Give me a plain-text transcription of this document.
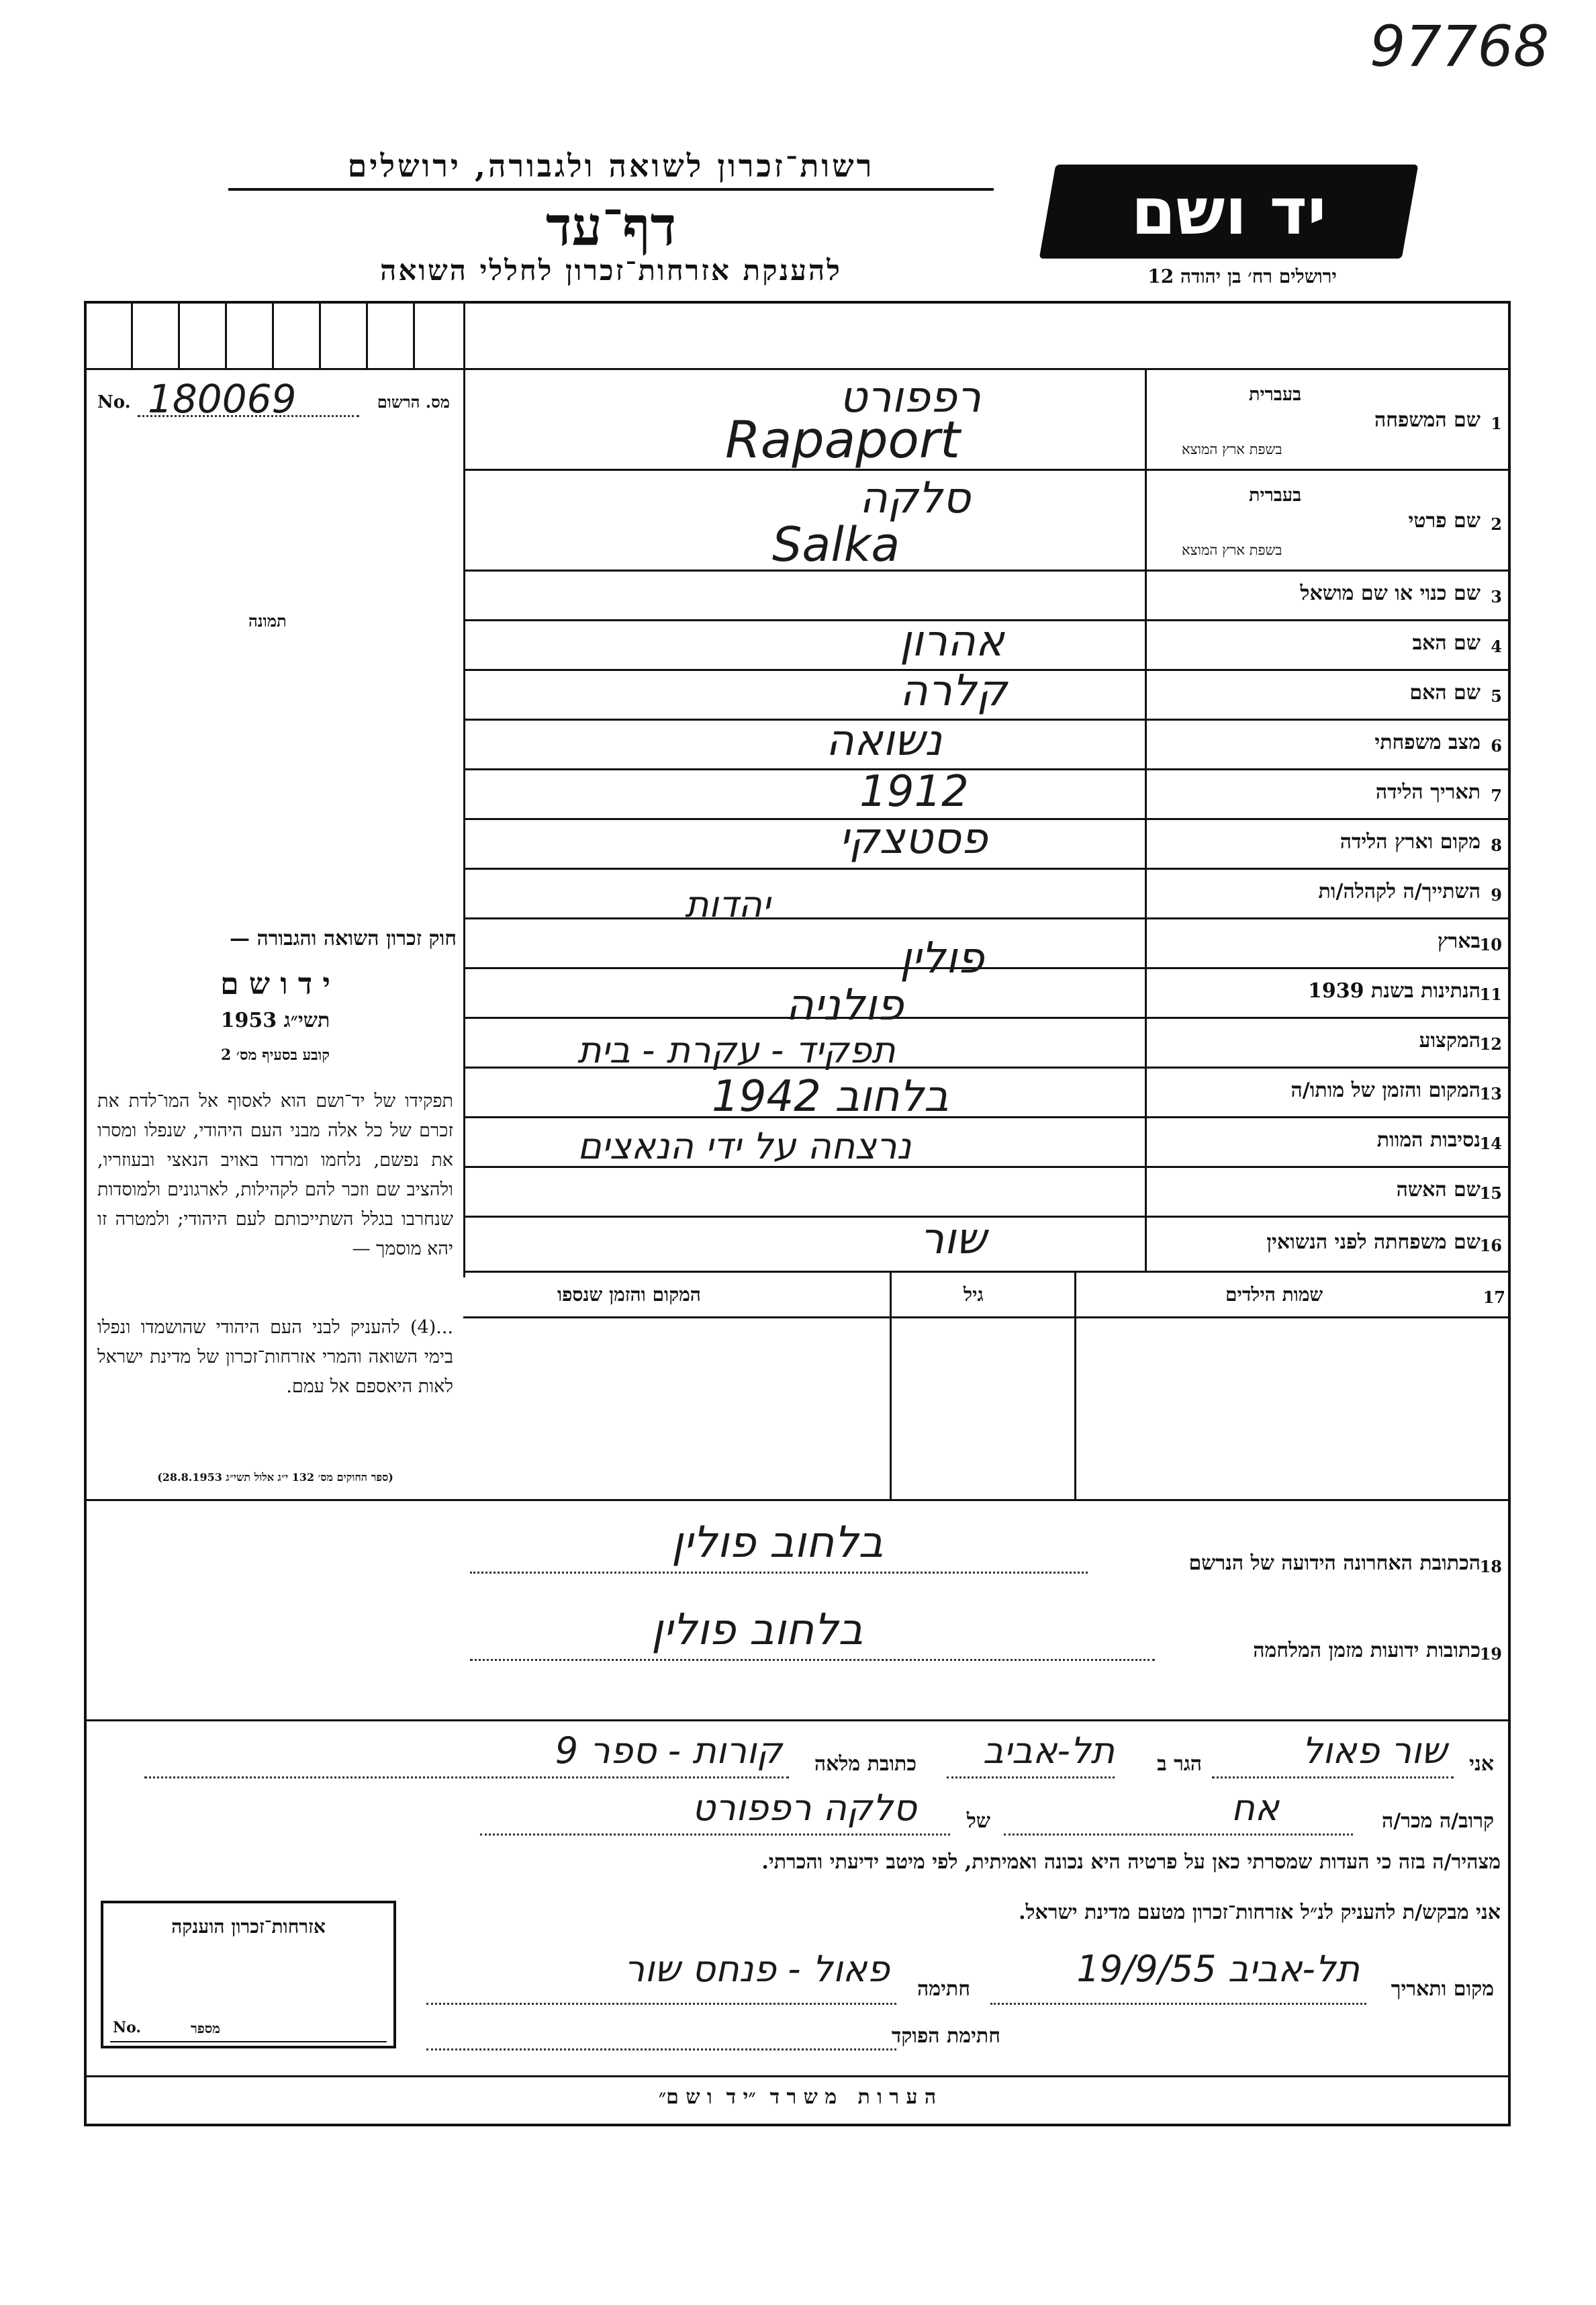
97768
רשות־זכרון לשואה ולגבורה, ירושלים
דף־עד
להענקת אזרחות־זכרון לחללי השואה
יד ושם
ירושלים רח׳ בן יהודה 12
No. 180069	מס. הרשום
תמונה
חוק זכרון השואה והגבורה —
י ד ו ש ם
תשי״ג 1953
קובע בסעיף מס׳ 2
תפקידו של יד־ושם הוא לאסוף אל המו־לדת את זכרם של כל אלה מבני העם היהודי, שנפלו ומסרו את נפשם, נלחמו ומרדו באויב הנאצי ובעוזריו, ולהציב שם וזכר להם לקהילות, לארגונים ולמוסדות שנחרבו בגלל השתייכותם לעם היהודי; ולמטרה זו יהא מוסמך —
...(4) להעניק לבני העם היהודי שהושמדו ונפלו בימי השואה והמרי אזרחות־זכרון של מדינת ישראל לאות היאספם אל עמם.
(ספר החוקים מס׳ 132 י״ג אלול תשי״ג 28.8.1953)
1
שם המשפחה
בעברית
בשפת ארץ המוצא
רפפורט
Rapaport
2
שם פרטי
בעברית
בשפת ארץ המוצא
סלקה
Salka
3
שם כנוי או שם מושאל
4
שם האב
אהרון
5
שם האם
קלרה
6
מצב משפחתי
נשואה
7
תאריך הלידה
1912
8
מקום וארץ הלידה
פסטצקי
9
השתייך/ה לקהלה/ות
יהדות
10
בארץ
פולין
11
הנתינות בשנת 1939
פולניה
12
המקצוע
תפקיד - עקרת - בית
13
המקום והזמן של מותו/ה
בלחוב 1942
14
נסיבות המוות
נרצחה על ידי הנאצים
15
שם האשה
16
שם משפחתה לפני הנשואין
שור
17
שמות הילדים
גיל
המקום והזמן שנספו
18
הכתובת האחרונה הידועה של הנרשם
בלחוב פולין
19
כתובות ידועות מזמן המלחמה
בלחוב פולין
אני
שור פאול
הגר ב
תל-אביב
כתובת מלאה
קורות - ספר 9
קרוב/ה מכר/ה
אח
של
סלקה רפפורט
מצהיר/ה בזה כי העדות שמסרתי כאן על פרטיה היא נכונה ואמיתית, לפי מיטב ידיעתי והכרתי.
אני מבקש/ת להעניק לנ״ל אזרחות־זכרון מטעם מדינת ישראל.
אזרחות־זכרון הוענקה
No.	מספר
מקום ותאריך
תל-אביב 19/9/55
חתימה
פאול - פנחס שור
חתימת הפוקד
ה ע ר ו ת   מ ש ר ד  ״י ד  ו ש ם״
